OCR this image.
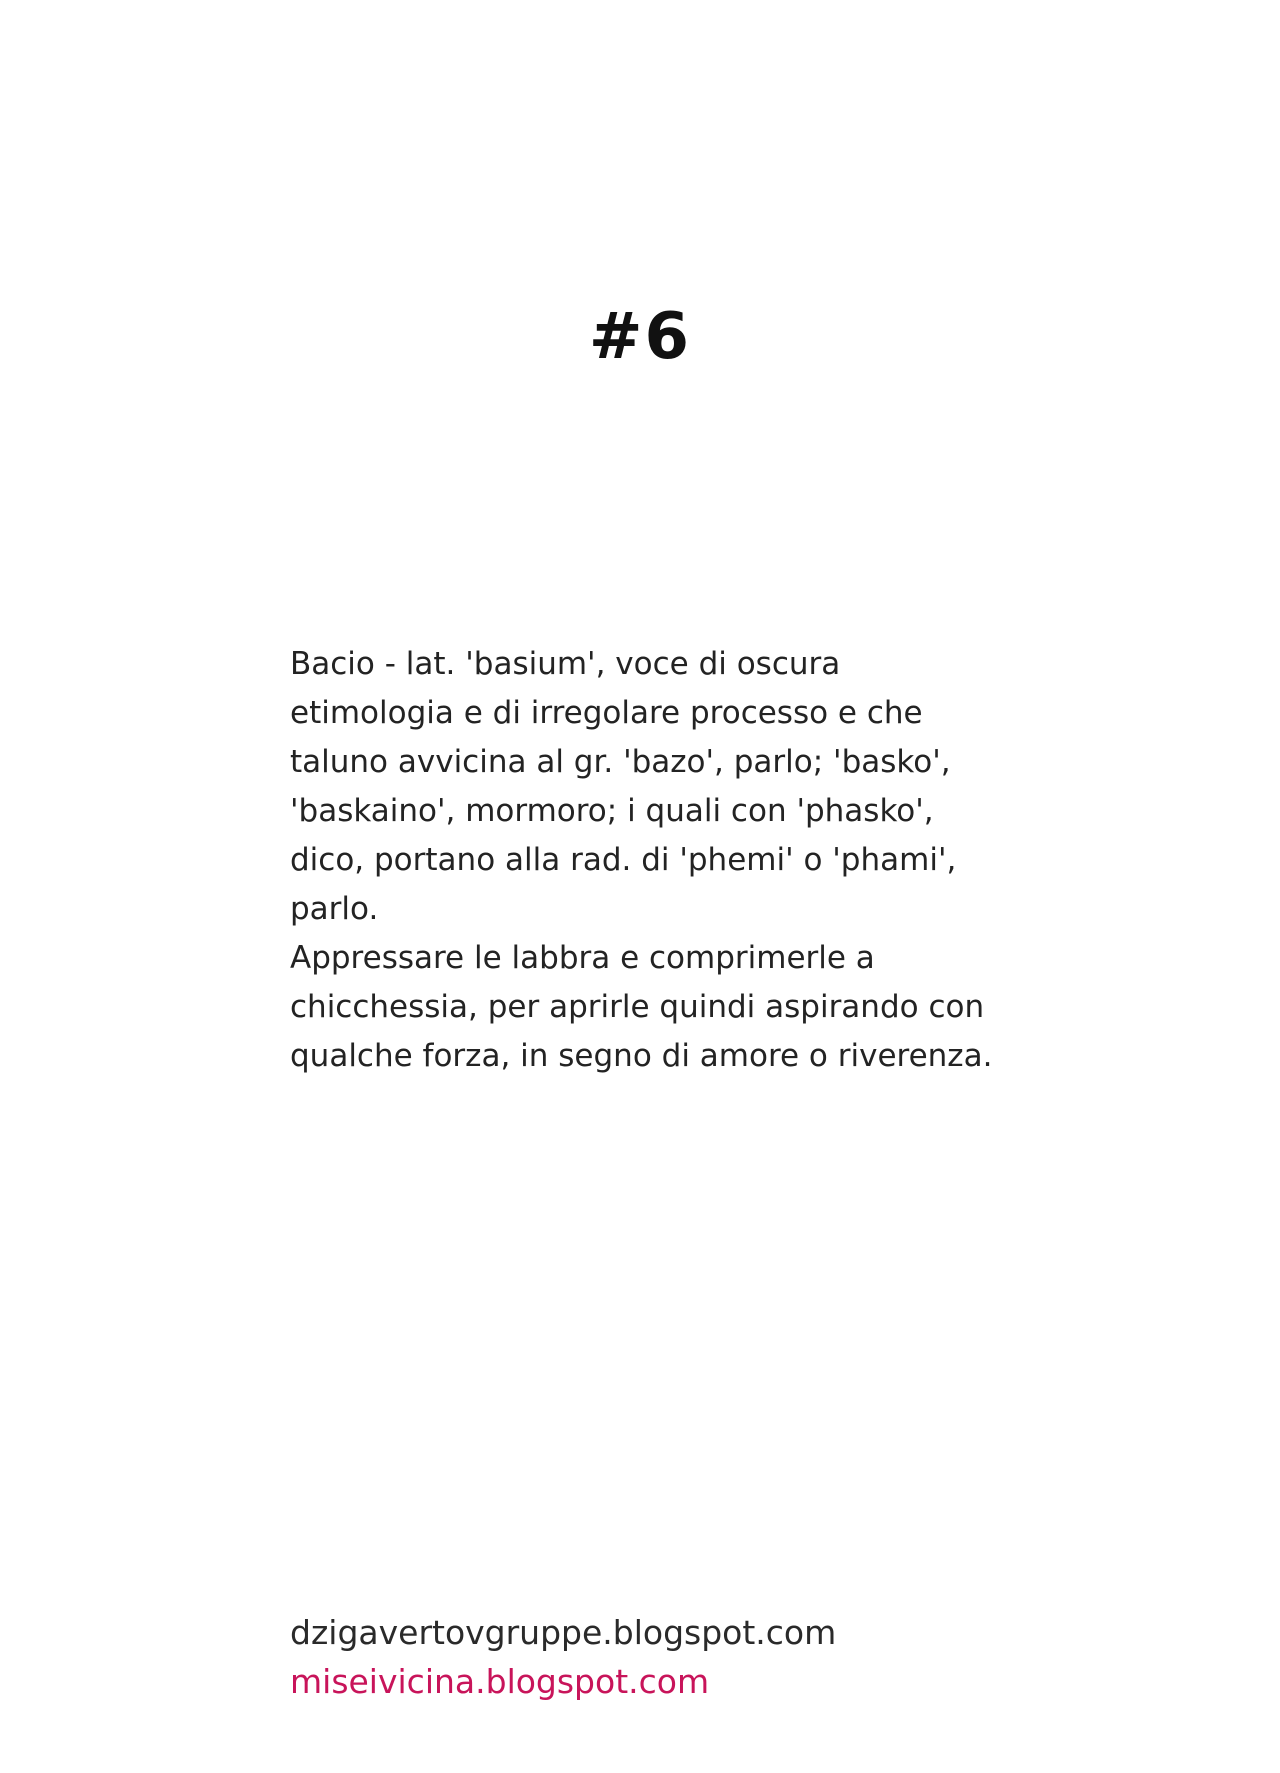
#6

Bacio - lat. 'basium', voce di oscura etimologia e di irregolare processo e che taluno avvicina al gr. 'bazo', parlo; 'basko', 'baskaino', mormoro; i quali con 'phasko', dico, portano alla rad. di 'phemi' o 'phami', parlo.

Appressare le labbra e comprimerle a chicchessia, per aprirle quindi aspirando con qualche forza, in segno di amore o riverenza.

dzigavertovgruppe.blogspot.com
miseivicina.blogspot.com
